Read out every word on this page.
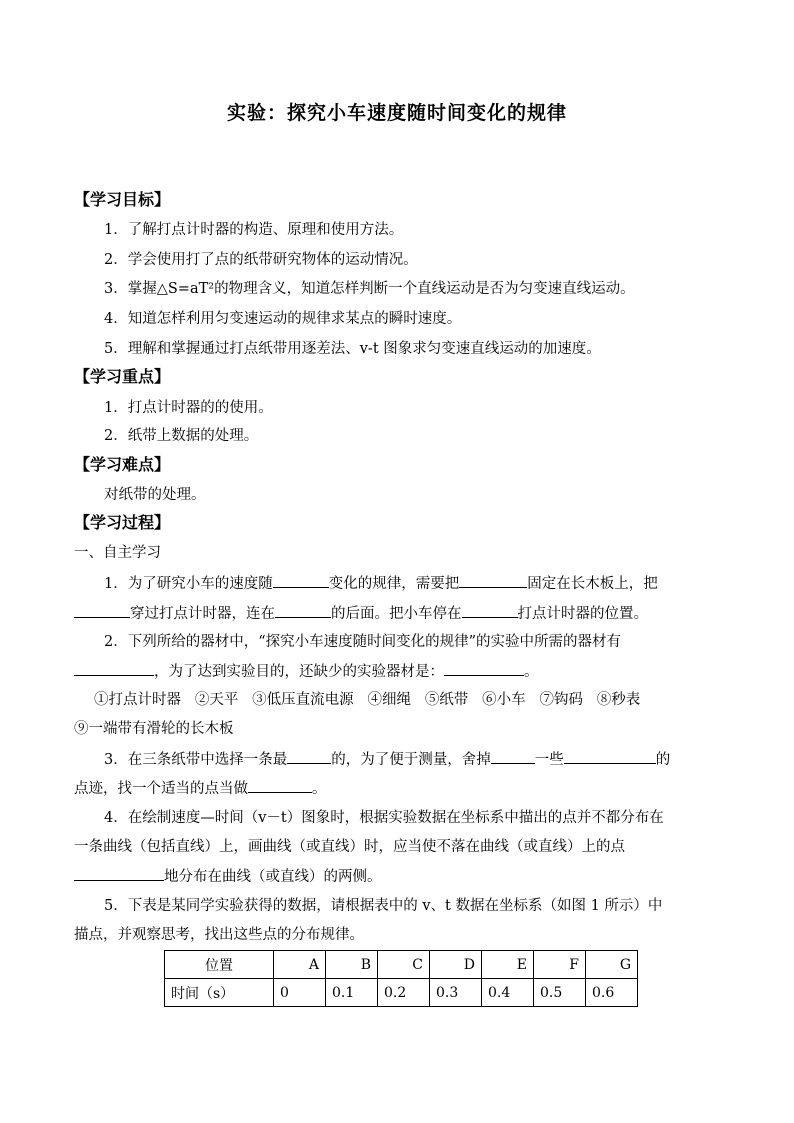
实验：探究小车速度随时间变化的规律
【学习目标】
1．了解打点计时器的构造、原理和使用方法。
2．学会使用打了点的纸带研究物体的运动情况。
3．掌握△S=aT²的物理含义，知道怎样判断一个直线运动是否为匀变速直线运动。
4．知道怎样利用匀变速运动的规律求某点的瞬时速度。
5．理解和掌握通过打点纸带用逐差法、v-t 图象求匀变速直线运动的加速度。
【学习重点】
1．打点计时器的的使用。
2．纸带上数据的处理。
【学习难点】
对纸带的处理。
【学习过程】
一、自主学习
1．为了研究小车的速度随	变化的规律，需要把	固定在长木板上，把
穿过打点计时器，连在	的后面。把小车停在	打点计时器的位置。
2．下列所给的器材中，“探究小车速度随时间变化的规律”的实验中所需的器材有
，为了达到实验目的，还缺少的实验器材是：	。
①打点计时器 ②天平 ③低压直流电源 ④细绳 ⑤纸带 ⑥小车 ⑦钩码 ⑧秒表
⑨一端带有滑轮的长木板
3．在三条纸带中选择一条最	的，为了便于测量，舍掉	一些	的
点迹，找一个适当的点当做	。
4．在绘制速度—时间（v－t）图象时，根据实验数据在坐标系中描出的点并不都分布在
一条曲线（包括直线）上，画曲线（或直线）时，应当使不落在曲线（或直线）上的点
地分布在曲线（或直线）的两侧。
5．下表是某同学实验获得的数据，请根据表中的 v、t 数据在坐标系（如图 1 所示）中
描点，并观察思考，找出这些点的分布规律。
位置	A	B	C	D	E	F	G
时间（s）	0	0.1	0.2	0.3	0.4	0.5	0.6
